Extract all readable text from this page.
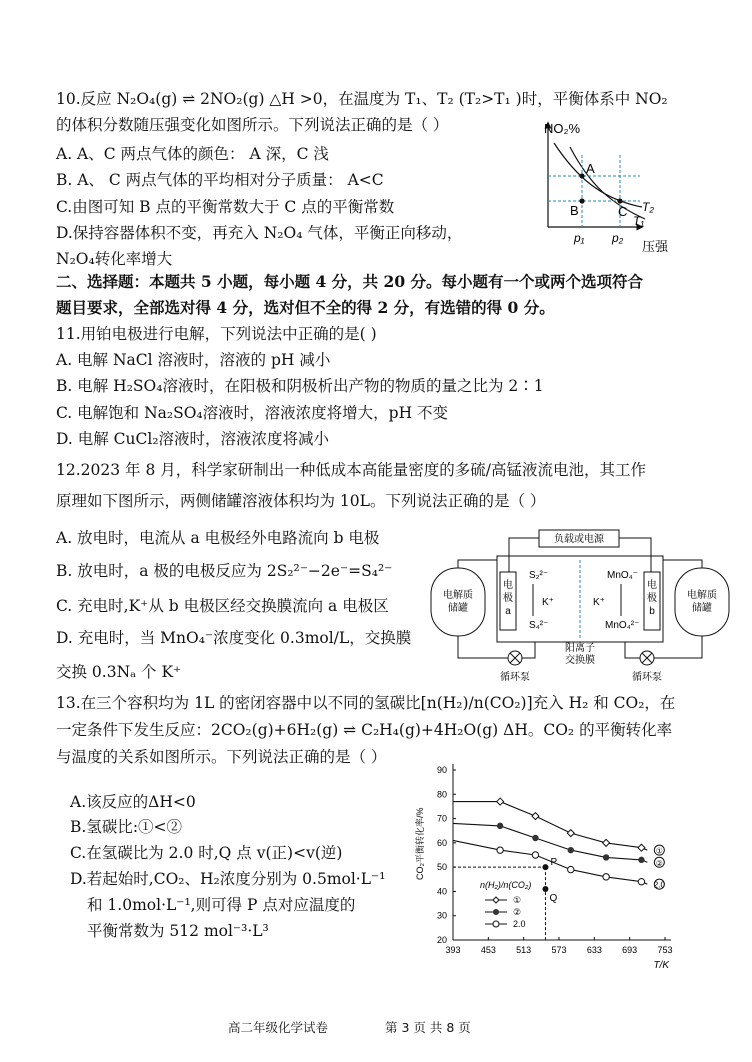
10.反应 N₂O₄(g) ⇌ 2NO₂(g) △H >0，在温度为 T₁、T₂ (T₂>T₁ )时，平衡体系中 NO₂
的体积分数随压强变化如图所示。下列说法正确的是（ ）
A. A、C 两点气体的颜色： A 深，C 浅
B. A、 C 两点气体的平均相对分子质量： A<C
C.由图可知 B 点的平衡常数大于 C 点的平衡常数
D.保持容器体积不变，再充入 N₂O₄ 气体，平衡正向移动，
N₂O₄转化率增大
NO₂%
压强
A
B	C T₂
T₁
p₁ p₂
二、选择题：本题共 5 小题，每小题 4 分，共 20 分。每小题有一个或两个选项符合
题目要求，全部选对得 4 分，选对但不全的得 2 分，有选错的得 0 分。
11.用铂电极进行电解，下列说法中正确的是( )
A. 电解 NaCl 溶液时，溶液的 pH 减小
B. 电解 H₂SO₄溶液时，在阳极和阴极析出产物的物质的量之比为 2∶1
C. 电解饱和 Na₂SO₄溶液时，溶液浓度将增大，pH 不变
D. 电解 CuCl₂溶液时，溶液浓度将减小
12.2023 年 8 月，科学家研制出一种低成本高能量密度的多硫/高锰液流电池，其工作
原理如下图所示，两侧储罐溶液体积均为 10L。下列说法正确的是（ ）
A. 放电时，电流从 a 电极经外电路流向 b 电极
B. 放电时，a 极的电极反应为 2S₂²⁻−2e⁻=S₄²⁻
C. 充电时,K⁺从 b 电极区经交换膜流向 a 电极区
D. 充电时，当 MnO₄⁻浓度变化 0.3mol/L，交换膜
交换 0.3Nₐ 个 K⁺
负载或电源
电
极
a
电
极
b
S₂²⁻
S₄²⁻
K⁺
MnO₄⁻
MnO₄²⁻
K⁺
阳离子
交换膜
电解质
储罐
电解质
储罐
循环泵	循环泵
13.在三个容积均为 1L 的密闭容器中以不同的氢碳比[n(H₂)/n(CO₂)]充入 H₂ 和 CO₂，在
一定条件下发生反应：2CO₂(g)+6H₂(g) ⇌ C₂H₄(g)+4H₂O(g) ΔH。CO₂ 的平衡转化率
与温度的关系如图所示。下列说法正确的是（ ）
A.该反应的ΔH<0
B.氢碳比:①<②
C.在氢碳比为 2.0 时,Q 点 v(正)<v(逆)
D.若起始时,CO₂、H₂浓度分别为 0.5mol·L⁻¹
和 1.0mol·L⁻¹,则可得 P 点对应温度的
平衡常数为 512 mol⁻³·L³
393 453 513 573 633 693 753
20
30
40
50
60
70
80
90
T/K
CO₂平衡转化率/%	①
②
2.0
P
Q
n(H₂)/n(CO₂)
①
②
2.0
高二年级化学试卷	第 3 页 共 8 页
